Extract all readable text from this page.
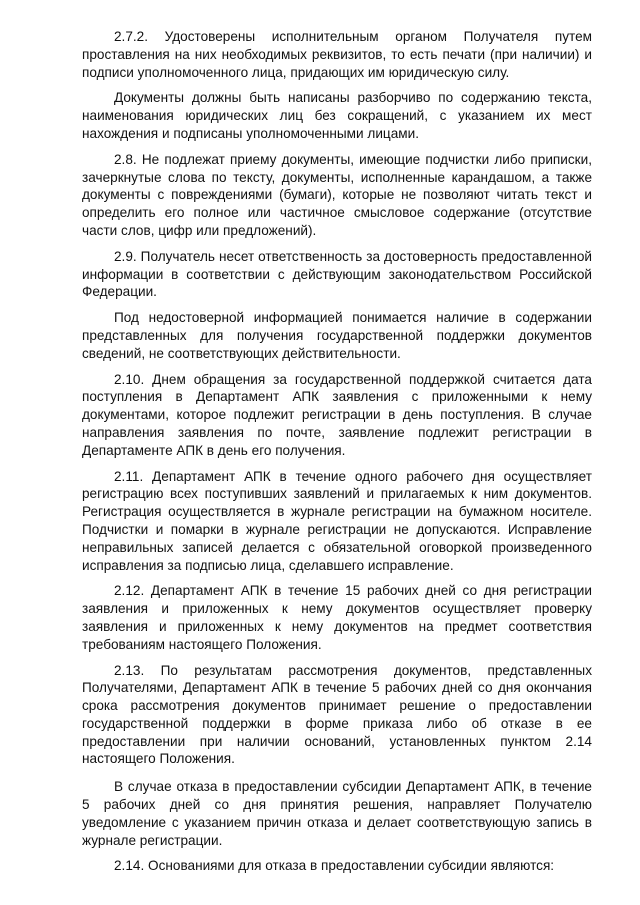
2.7.2. Удостоверены исполнительным органом Получателя путем проставления на них необходимых реквизитов, то есть печати (при наличии) и подписи уполномоченного лица, придающих им юридическую силу.

Документы должны быть написаны разборчиво по содержанию текста, наименования юридических лиц без сокращений, с указанием их мест нахождения и подписаны уполномоченными лицами.

2.8. Не подлежат приему документы, имеющие подчистки либо приписки, зачеркнутые слова по тексту, документы, исполненные карандашом, а также документы с повреждениями (бумаги), которые не позволяют читать текст и определить его полное или частичное смысловое содержание (отсутствие части слов, цифр или предложений).

2.9. Получатель несет ответственность за достоверность предоставленной информации в соответствии с действующим законодательством Российской Федерации.

Под недостоверной информацией понимается наличие в содержании представленных для получения государственной поддержки документов сведений, не соответствующих действительности.

2.10. Днем обращения за государственной поддержкой считается дата поступления в Департамент АПК заявления с приложенными к нему документами, которое подлежит регистрации в день поступления. В случае направления заявления по почте, заявление подлежит регистрации в Департаменте АПК в день его получения.

2.11. Департамент АПК в течение одного рабочего дня осуществляет регистрацию всех поступивших заявлений и прилагаемых к ним документов. Регистрация осуществляется в журнале регистрации на бумажном носителе. Подчистки и помарки в журнале регистрации не допускаются. Исправление неправильных записей делается с обязательной оговоркой произведенного исправления за подписью лица, сделавшего исправление.

2.12. Департамент АПК в течение 15 рабочих дней со дня регистрации заявления и приложенных к нему документов осуществляет проверку заявления и приложенных к нему документов на предмет соответствия требованиям настоящего Положения.

2.13. По результатам рассмотрения документов, представленных Получателями, Департамент АПК в течение 5 рабочих дней со дня окончания срока рассмотрения документов принимает решение о предоставлении государственной поддержки в форме приказа либо об отказе в ее предоставлении при наличии оснований, установленных пунктом 2.14 настоящего Положения.

В случае отказа в предоставлении субсидии Департамент АПК, в течение 5 рабочих дней со дня принятия решения, направляет Получателю уведомление с указанием причин отказа и делает соответствующую запись в журнале регистрации.

2.14. Основаниями для отказа в предоставлении субсидии являются:
